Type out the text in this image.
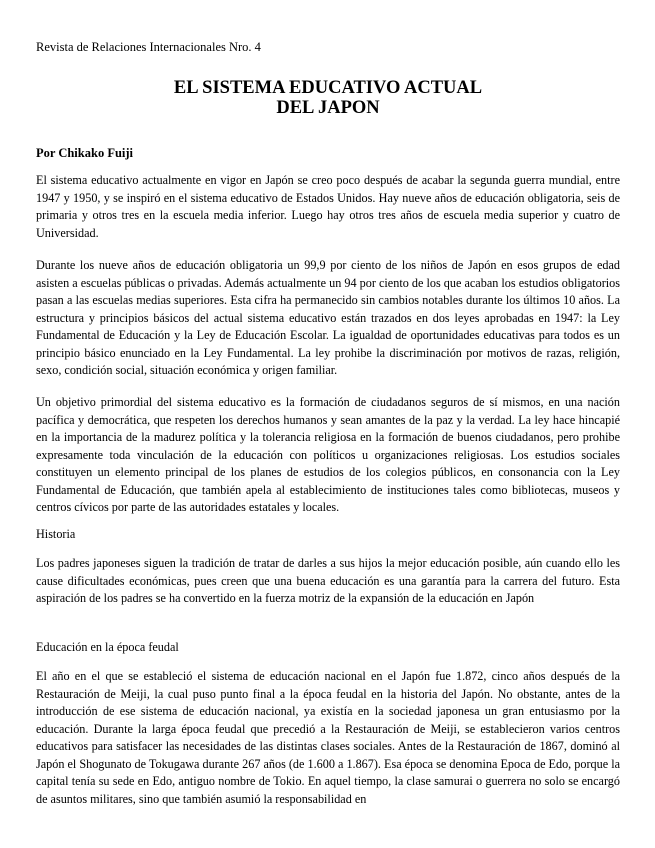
Revista de Relaciones Internacionales Nro. 4
EL SISTEMA EDUCATIVO ACTUAL
DEL JAPON
Por Chikako Fuiji
El sistema educativo actualmente en vigor en Japón se creo poco después de acabar la segunda guerra mundial, entre 1947 y 1950, y se inspiró en el sistema educativo de Estados Unidos. Hay nueve años de educación obligatoria, seis de primaria y otros tres en la escuela media inferior. Luego hay otros tres años de escuela media superior y cuatro de Universidad.
Durante los nueve años de educación obligatoria un 99,9 por ciento de los niños de Japón en esos grupos de edad asisten a escuelas públicas o privadas. Además actualmente un 94 por ciento de los que acaban los estudios obligatorios pasan a las escuelas medias superiores. Esta cifra ha permanecido sin cambios notables durante los últimos 10 años. La estructura y principios básicos del actual sistema educativo están trazados en dos leyes aprobadas en 1947: la Ley Fundamental de Educación y la Ley de Educación Escolar. La igualdad de oportunidades educativas para todos es un principio básico enunciado en la Ley Fundamental. La ley prohibe la discriminación por motivos de razas, religión, sexo, condición social, situación económica y origen familiar.
Un objetivo primordial del sistema educativo es la formación de ciudadanos seguros de sí mismos, en una nación pacífica y democrática, que respeten los derechos humanos y sean amantes de la paz y la verdad. La ley hace hincapié en la importancia de la madurez política y la tolerancia religiosa en la formación de buenos ciudadanos, pero prohibe expresamente toda vinculación de la educación con políticos u organizaciones religiosas. Los estudios sociales constituyen un elemento principal de los planes de estudios de los colegios públicos, en consonancia con la Ley Fundamental de Educación, que también apela al establecimiento de instituciones tales como bibliotecas, museos y centros cívicos por parte de las autoridades estatales y locales.
Historia
Los padres japoneses siguen la tradición de tratar de darles a sus hijos la mejor educación posible, aún cuando ello les cause dificultades económicas, pues creen que una buena educación es una garantía para la carrera del futuro. Esta aspiración de los padres se ha convertido en la fuerza motriz de la expansión de la educación en Japón
Educación en la época feudal
El año en el que se estableció el sistema de educación nacional en el Japón fue 1.872, cinco años después de la Restauración de Meiji, la cual puso punto final a la época feudal en la historia del Japón. No obstante, antes de la introducción de ese sistema de educación nacional, ya existía en la sociedad japonesa un gran entusiasmo por la educación. Durante la larga época feudal que precedió a la Restauración de Meiji, se establecieron varios centros educativos para satisfacer las necesidades de las distintas clases sociales. Antes de la Restauración de 1867, dominó al Japón el Shogunato de Tokugawa durante 267 años (de 1.600 a 1.867). Esa época se denomina Epoca de Edo, porque la capital tenía su sede en Edo, antiguo nombre de Tokio. En aquel tiempo, la clase samurai o guerrera no solo se encargó de asuntos militares, sino que también asumió la responsabilidad en
